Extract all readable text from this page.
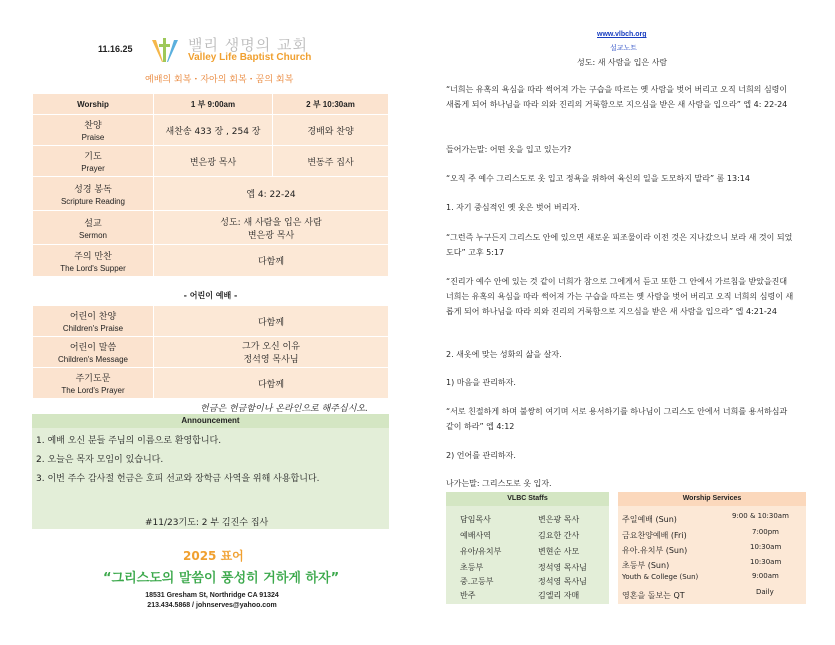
11.16.25	밸리 생명의 교회
Valley Life Baptist Church
예배의 회복・자아의 회복・꿈의 회복
Worship	1 부 9:00am	2 부 10:30am

찬양
Praise	새찬송 433 장 , 254 장	경배와 찬양

기도
Prayer	변은광 목사	변동주 집사

성경 봉독
Scripture Reading	엡 4: 22-24	

설교
Sermon	성도: 새 사람을 입은 사람
변은광 목사	

주의 만찬
The Lord's Supper	다함께	
- 어린이 예배 -
어린이 찬양
Children's Praise	다함께

어린이 말씀
Children's Message	그가 오신 이유
정석영 목사님

주기도문
The Lord's Prayer	다함께
헌금은 헌금함이나 온라인으로 해주십시오.
Announcement
1. 예배 오신 분들 주님의 이름으로 환영합니다.
2. 오늘은 목자 모임이 있습니다.
3. 이번 주수 감사절 헌금은 호피 선교와 장학금 사역을 위해 사용합니다.
#11/23기도: 2 부 김진수 집사
2025 표어
“그리스도의 말씀이 풍성히 거하게 하자”
18531 Gresham St, Northridge CA 91324
213.434.5868 / johnserves@yahoo.com
www.vlbch.org
설교노트
성도: 새 사람을 입은 사람
“너희는 유혹의 욕심을 따라 썩어져 가는 구습을 따르는 옛 사람을 벗어 버리고 오직 너희의 심령이 새롭게 되어 하나님을 따라 의와 진리의 거룩함으로 지으심을 받은 새 사람을 입으라” 엡 4: 22-24
들어가는말: 어떤 옷을 입고 있는가?
“오직 주 예수 그리스도로 옷 입고 정욕을 위하여 육신의 일을 도모하지 말라” 롬 13:14
1. 자기 중심적인 옛 옷은 벗어 버리자.
“그런즉 누구든지 그리스도 안에 있으면 새로운 피조물이라 이전 것은 지나갔으니 보라 새 것이 되었도다” 고후 5:17
“진리가 예수 안에 있는 것 같이 너희가 참으로 그에게서 듣고 또한 그 안에서 가르침을 받았을진대 너희는 유혹의 욕심을 따라 썩어져 가는 구습을 따르는 옛 사람을 벗어 버리고 오직 너희의 심령이 새롭게 되어 하나님을 따라 의와 진리의 거룩함으로 지으심을 받은 새 사람을 입으라” 엡 4:21-24
2. 새옷에 맞는 성화의 삶을 살자.
1) 마음을 관리하자.
“서로 친절하게 하며 불쌍히 여기며 서로 용서하기를 하나님이 그리스도 안에서 너희를 용서하심과 같이 하라” 엡 4:12
2) 언어를 관리하자.
나가는말: 그리스도로 옷 입자.
VLBC Staffs
담임목사	변은광 목사
예배사역	김요한 간사
유아/유치부	변현순 사모
초등부	정석영 목사님
중.고등부	정석영 목사님
반주	김엘리 자매
Worship Services
주일예배 (Sun)	9:00 & 10:30am
금요찬양예배 (Fri)	7:00pm
유아.유치부 (Sun)	10:30am
초등부 (Sun)	10:30am
Youth & College (Sun)	9:00am
영혼을 돌보는 QT	Daily
